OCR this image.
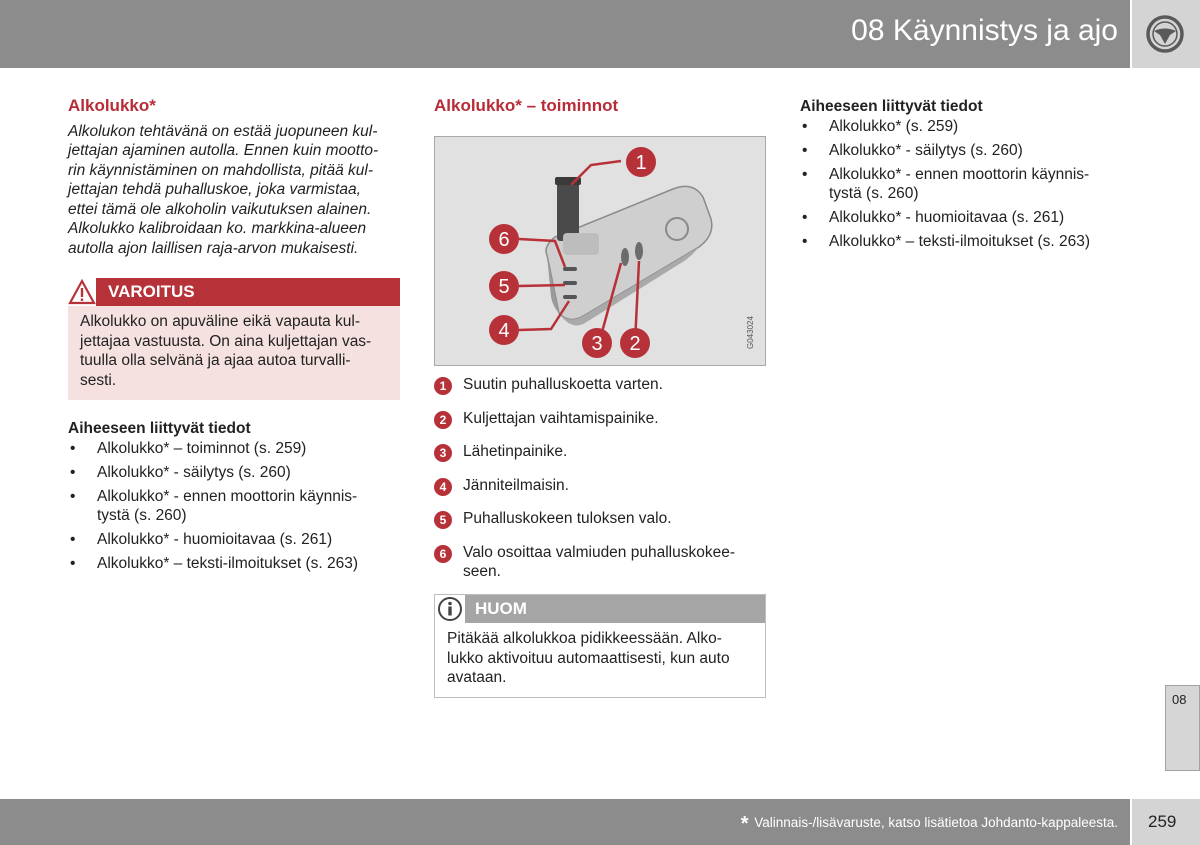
08 Käynnistys ja ajo
Alkolukko*
Alkolukon tehtävänä on estää juopuneen kul-
jettajan ajaminen autolla. Ennen kuin mootto-
rin käynnistäminen on mahdollista, pitää kul-
jettajan tehdä puhalluskoe, joka varmistaa,
ettei tämä ole alkoholin vaikutuksen alainen.
Alkolukko kalibroidaan ko. markkina-alueen
autolla ajon laillisen raja-arvon mukaisesti.
VAROITUS
Alkolukko on apuväline eikä vapauta kul-
jettajaa vastuusta. On aina kuljettajan vas-
tuulla olla selvänä ja ajaa autoa turvalli-
sesti.

Aiheeseen liittyvät tiedot

• Alkolukko* – toiminnot (s. 259)
• Alkolukko* - säilytys (s. 260)
• Alkolukko* - ennen moottorin käynnis-
tystä (s. 260)
• Alkolukko* - huomioitavaa (s. 261)
• Alkolukko* – teksti-ilmoitukset (s. 263)
Alkolukko* – toiminnot
1
2
3
4
5
6
G043024
1	Suutin puhalluskoetta varten.
2	Kuljettajan vaihtamispainike.
3	Lähetinpainike.
4	Jänniteilmaisin.
5	Puhalluskokeen tuloksen valo.
6	Valo osoittaa valmiuden puhalluskokee-
seen.
HUOM
Pitäkää alkolukkoa pidikkeessään. Alko-
lukko aktivoituu automaattisesti, kun auto
avataan.

Aiheeseen liittyvät tiedot

• Alkolukko* (s. 259)
• Alkolukko* - säilytys (s. 260)
• Alkolukko* - ennen moottorin käynnis-
tystä (s. 260)
• Alkolukko* - huomioitavaa (s. 261)
• Alkolukko* – teksti-ilmoitukset (s. 263)
08
* Valinnais-/lisävaruste, katso lisätietoa Johdanto-kappaleesta. 259
